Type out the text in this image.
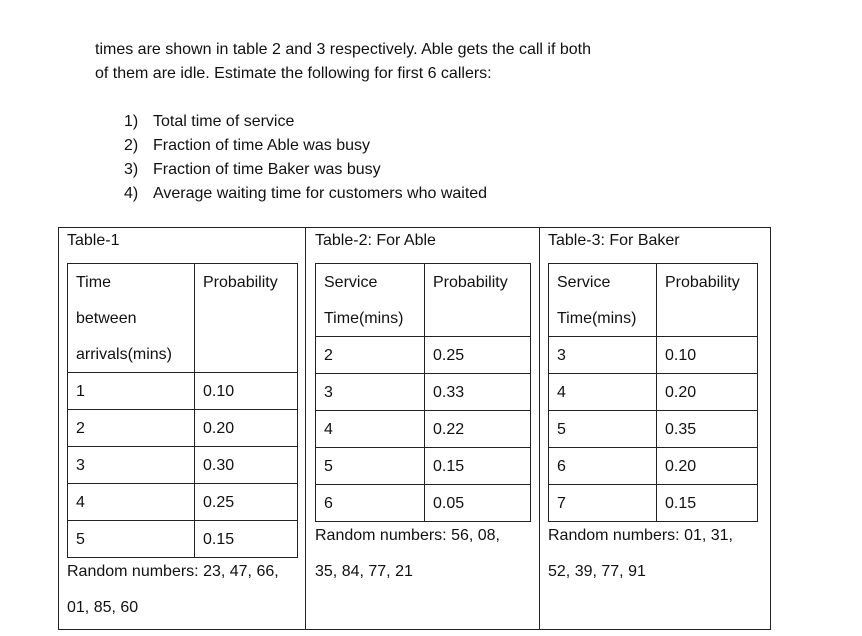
times are shown in table 2 and 3 respectively. Able gets the call if both
of them are idle. Estimate the following for first 6 callers:
1) Total time of service
2) Fraction of time Able was busy
3) Fraction of time Baker was busy
4) Average waiting time for customers who waited
Table-1
Time
between
arrivals(mins)	Probability

1	0.10

2	0.20

3	0.30

4	0.25

5	0.15
Random numbers: 23, 47, 66,
01, 85, 60
Table-2: For Able
Service
Time(mins)	Probability

2	0.25

3	0.33

4	0.22

5	0.15

6	0.05
Random numbers: 56, 08,
35, 84, 77, 21
Table-3: For Baker
Service
Time(mins)	Probability

3	0.10

4	0.20

5	0.35

6	0.20

7	0.15
Random numbers: 01, 31,
52, 39, 77, 91
